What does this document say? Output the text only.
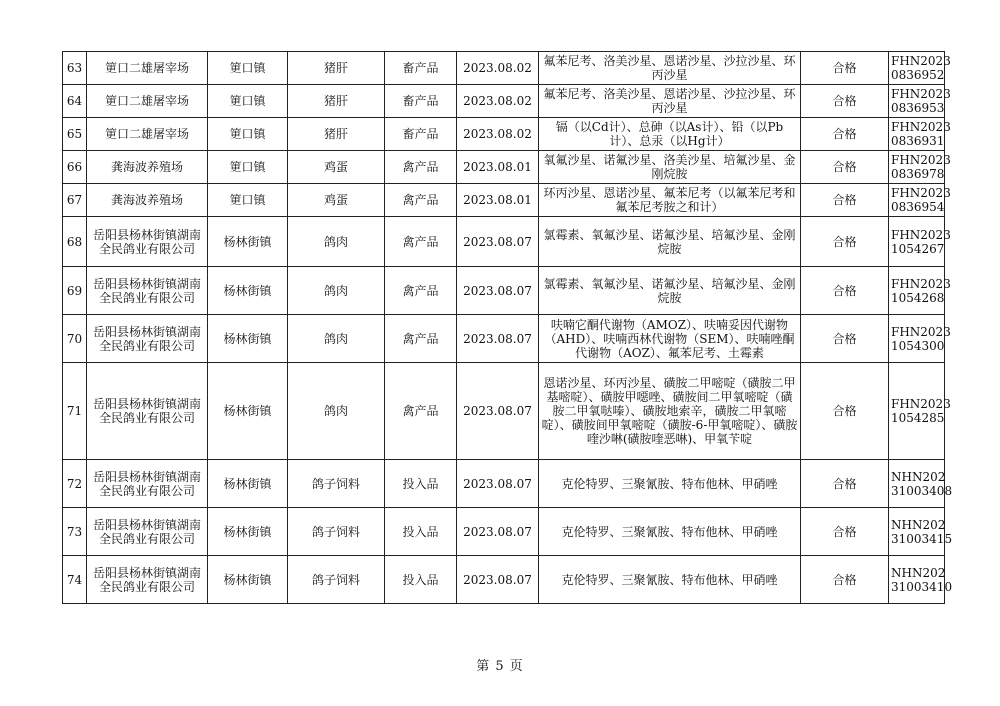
63	筻口二雄屠宰场	筻口镇	猪肝	畜产品	2023.08.02	氟苯尼考、洛美沙星、恩诺沙星、沙拉沙星、环丙沙星	合格	FHN2023
0836952

64	筻口二雄屠宰场	筻口镇	猪肝	畜产品	2023.08.02	氟苯尼考、洛美沙星、恩诺沙星、沙拉沙星、环丙沙星	合格	FHN2023
0836953

65	筻口二雄屠宰场	筻口镇	猪肝	畜产品	2023.08.02	镉（以Cd计）、总砷（以As计）、铅（以Pb计）、总汞（以Hg计）	合格	FHN2023
0836931

66	龚海波养殖场	筻口镇	鸡蛋	禽产品	2023.08.01	氧氟沙星、诺氟沙星、洛美沙星、培氟沙星、金刚烷胺	合格	FHN2023
0836978

67	龚海波养殖场	筻口镇	鸡蛋	禽产品	2023.08.01	环丙沙星、恩诺沙星、氟苯尼考（以氟苯尼考和氟苯尼考胺之和计）	合格	FHN2023
0836954

68	岳阳县杨林街镇湖南全民鸽业有限公司	杨林街镇	鸽肉	禽产品	2023.08.07	氯霉素、氧氟沙星、诺氟沙星、培氟沙星、金刚烷胺	合格	FHN2023
1054267

69	岳阳县杨林街镇湖南全民鸽业有限公司	杨林街镇	鸽肉	禽产品	2023.08.07	氯霉素、氧氟沙星、诺氟沙星、培氟沙星、金刚烷胺	合格	FHN2023
1054268

70	岳阳县杨林街镇湖南全民鸽业有限公司	杨林街镇	鸽肉	禽产品	2023.08.07	呋喃它酮代谢物（AMOZ）、呋喃妥因代谢物（AHD）、呋喃西林代谢物（SEM）、呋喃唑酮代谢物（AOZ）、氟苯尼考、土霉素	合格	FHN2023
1054300

71	岳阳县杨林街镇湖南全民鸽业有限公司	杨林街镇	鸽肉	禽产品	2023.08.07	恩诺沙星、环丙沙星、磺胺二甲嘧啶（磺胺二甲基嘧啶）、磺胺甲噁唑、磺胺间二甲氧嘧啶（磺胺二甲氧哒嗪）、磺胺地索辛，磺胺二甲氧嘧啶）、磺胺间甲氧嘧啶（磺胺-6-甲氧嘧啶）、磺胺喹沙啉(磺胺喹恶啉)、甲氧苄啶	合格	FHN2023
1054285

72	岳阳县杨林街镇湖南全民鸽业有限公司	杨林街镇	鸽子饲料	投入品	2023.08.07	克伦特罗、三聚氰胺、特布他林、甲硝唑	合格	NHN202
31003408

73	岳阳县杨林街镇湖南全民鸽业有限公司	杨林街镇	鸽子饲料	投入品	2023.08.07	克伦特罗、三聚氰胺、特布他林、甲硝唑	合格	NHN202
31003415

74	岳阳县杨林街镇湖南全民鸽业有限公司	杨林街镇	鸽子饲料	投入品	2023.08.07	克伦特罗、三聚氰胺、特布他林、甲硝唑	合格	NHN202
31003410
第 5 页
